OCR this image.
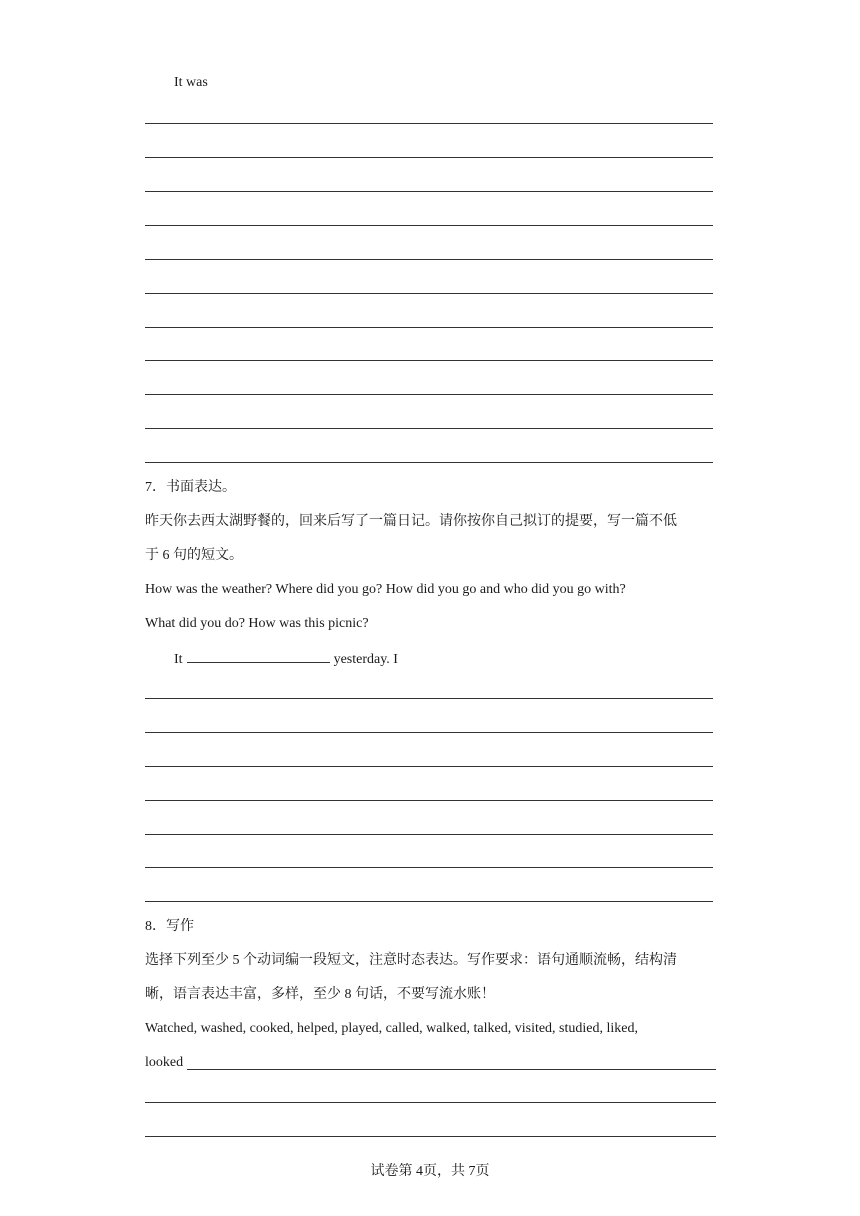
It was
7．书面表达。
昨天你去西太湖野餐的，回来后写了一篇日记。请你按你自己拟订的提要，写一篇不低
于 6 句的短文。
How was the weather? Where did you go? How did you go and who did you go with?
What did you do? How was this picnic?
It	yesterday. I
8．写作
选择下列至少 5 个动词编一段短文，注意时态表达。写作要求：语句通顺流畅，结构清
晰，语言表达丰富，多样，至少 8 句话，不要写流水账！
Watched, washed, cooked, helped, played, called, walked, talked, visited, studied, liked,
looked
试卷第 4页，共 7页
